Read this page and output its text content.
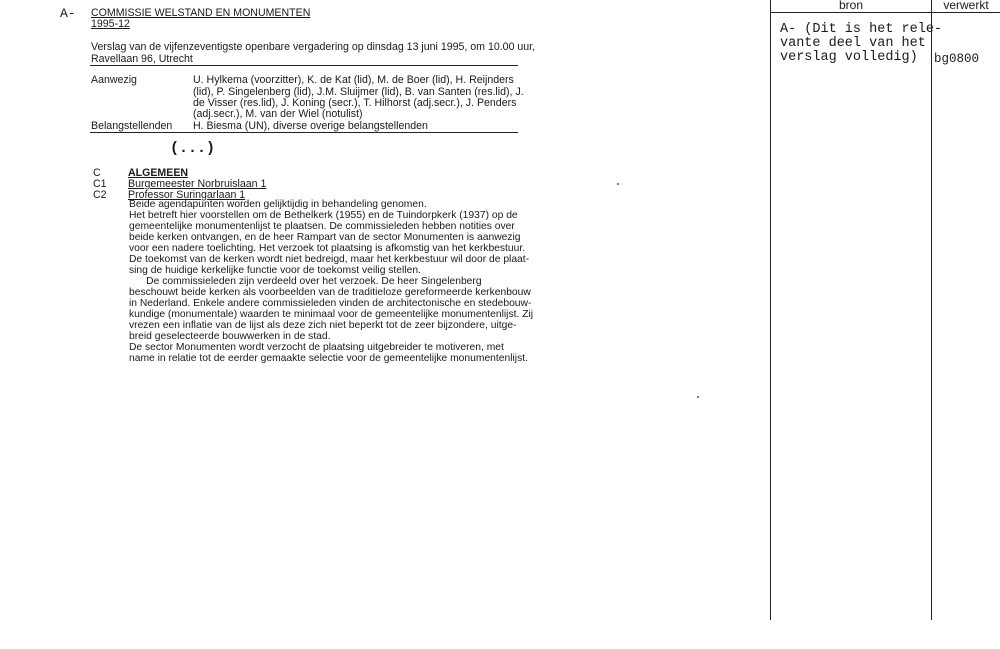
A- COMMISSIE WELSTAND EN MONUMENTEN
1995-12
Verslag van de vijfenzeventigste openbare vergadering op dinsdag 13 juni 1995, om 10.00 uur,
Ravellaan 96, Utrecht
Aanwezig	U. Hylkema (voorzitter), K. de Kat (lid), M. de Boer (lid), H. Reijnders
(lid), P. Singelenberg (lid), J.M. Sluijmer (lid), B. van Santen (res.lid), J.
de Visser (res.lid), J. Koning (secr.), T. Hilhorst (adj.secr.), J. Penders
(adj.secr.), M. van der Wiel (notulist)
Belangstellenden H. Biesma (UN), diverse overige belangstellenden
(...)
C	ALGEMEEN
C1 Burgemeester Norbruislaan 1
C2 Professor Suringarlaan 1
Beide agendapunten worden gelijktijdig in behandeling genomen.
Het betreft hier voorstellen om de Bethelkerk (1955) en de Tuindorpkerk (1937) op de
gemeentelijke monumentenlijst te plaatsen. De commissieleden hebben notities over
beide kerken ontvangen, en de heer Rampart van de sector Monumenten is aanwezig
voor een nadere toelichting. Het verzoek tot plaatsing is afkomstig van het kerkbestuur.
De toekomst van de kerken wordt niet bedreigd, maar het kerkbestuur wil door de plaat-
sing de huidige kerkelijke functie voor de toekomst veilig stellen.
De commissieleden zijn verdeeld over het verzoek. De heer Singelenberg
beschouwt beide kerken als voorbeelden van de traditieloze gereformeerde kerkenbouw
in Nederland. Enkele andere commissieleden vinden de architectonische en stedebouw-
kundige (monumentale) waarden te minimaal voor de gemeentelijke monumentenlijst. Zij
vrezen een inflatie van de lijst als deze zich niet beperkt tot de zeer bijzondere, uitge-
breid geselecteerde bouwwerken in de stad.
De sector Monumenten wordt verzocht de plaatsing uitgebreider te motiveren, met
name in relatie tot de eerder gemaakte selectie voor de gemeentelijke monumentenlijst.
bron	verwerkt
A- (Dit is het rele-
vante deel van het
verslag volledig) bg0800
